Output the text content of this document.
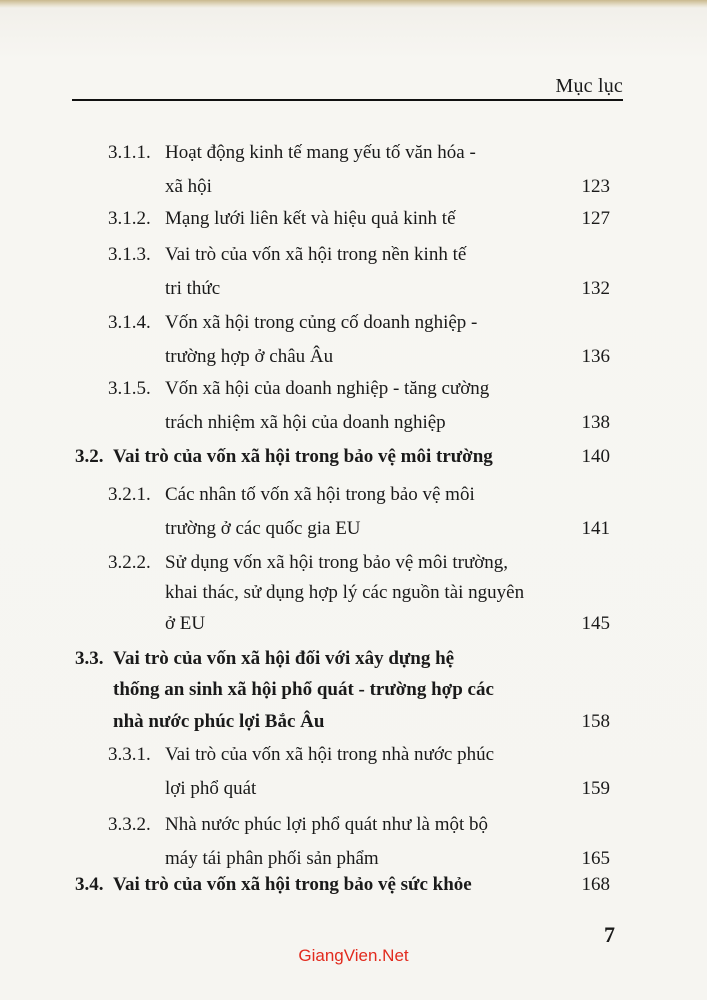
Mục lục
3.1.1. Hoạt động kinh tế mang yếu tố văn hóa -
xã hội	123
3.1.2. Mạng lưới liên kết và hiệu quả kinh tế	127
3.1.3. Vai trò của vốn xã hội trong nền kinh tế
tri thức	132
3.1.4. Vốn xã hội trong củng cố doanh nghiệp -
trường hợp ở châu Âu	136
3.1.5. Vốn xã hội của doanh nghiệp - tăng cường
trách nhiệm xã hội của doanh nghiệp	138
3.2. Vai trò của vốn xã hội trong bảo vệ môi trường	140
3.2.1. Các nhân tố vốn xã hội trong bảo vệ môi
trường ở các quốc gia EU	141
3.2.2. Sử dụng vốn xã hội trong bảo vệ môi trường,
khai thác, sử dụng hợp lý các nguồn tài nguyên
ở EU	145
3.3. Vai trò của vốn xã hội đối với xây dựng hệ
thống an sinh xã hội phổ quát - trường hợp các
nhà nước phúc lợi Bắc Âu	158
3.3.1. Vai trò của vốn xã hội trong nhà nước phúc
lợi phổ quát	159
3.3.2. Nhà nước phúc lợi phổ quát như là một bộ
máy tái phân phối sản phẩm	165
3.4. Vai trò của vốn xã hội trong bảo vệ sức khỏe	168
7
GiangVien.Net
